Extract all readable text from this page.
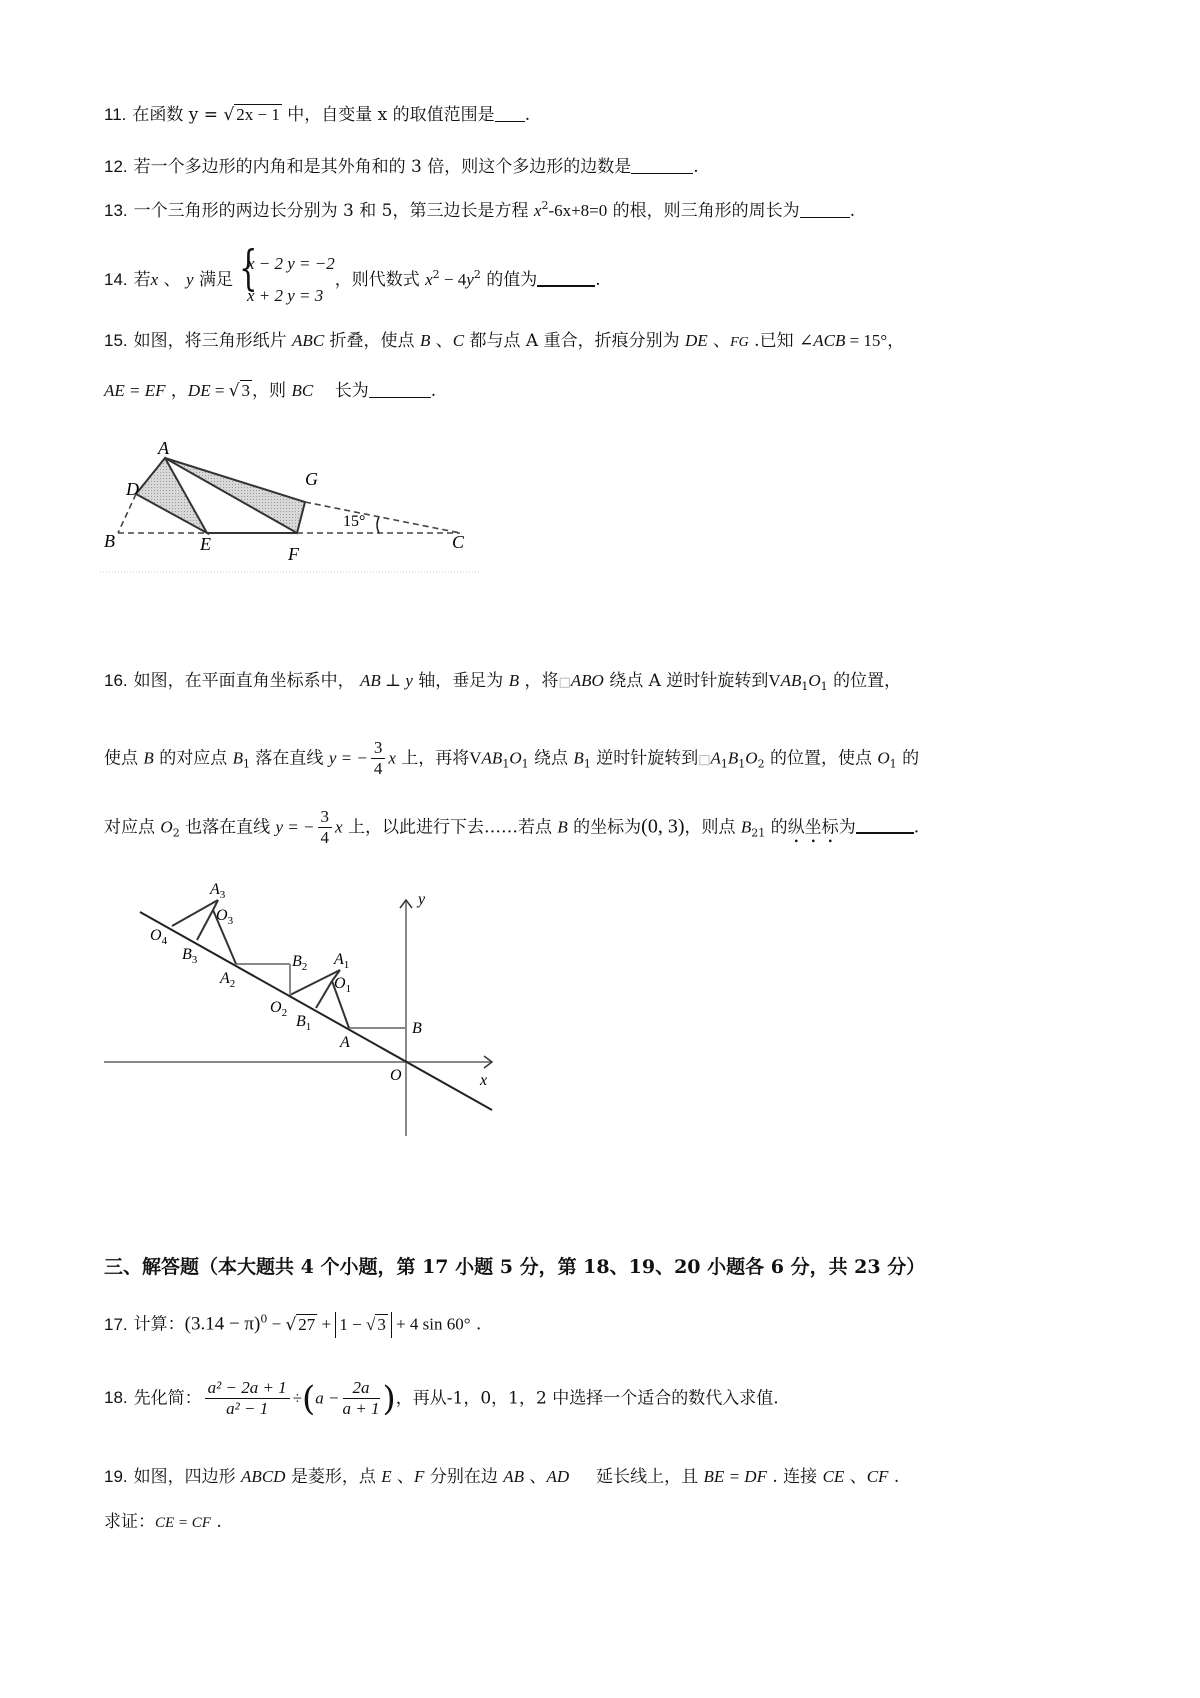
11. 在函数 y = √ 2x − 1 中，自变量 x 的取值范围是 .
12. 若一个多边形的内角和是其外角和的 3 倍，则这个多边形的边数是	.
13. 一个三角形的两边长分别为 3 和 5，第三边长是方程 $x^2-6x+8=0$ 的根，则三角形的周长为	.
14. 若x 、 y 满足 {
x − 2 y = −2
x + 2 y = 3
，则代数式 $x^2 - 4y^2$ 的值为	.
15. 如图，将三角形纸片 ABC 折叠，使点 B 、C 都与点 A 重合，折痕分别为 DE 、FG .已知 ∠ACB = 15°，
AE = EF ，DE = √ 3 ，则 BC    长为	.
A
D
B	E	F
G
C
15°
16. 如图，在平面直角坐标系中， AB ⊥ y 轴，垂足为 B ，将□ABO 绕点 A 逆时针旋转到$VAB_1O_1$ 的位置，
使点 B 的对应点 $B_1$ 落在直线 y = − $\frac{3}{4}$ x 上，再将$VAB_1O_1$ 绕点 $B_1$ 逆时针旋转到$□A_1B_1O_2$ 的位置，使点 $O_1$ 的
对应点 $O_2$ 也落在直线 y = − $\frac{3}{4}$ x 上，以此进行下去……若点 B 的坐标为(0, 3)，则点 $B_{21}$ 的纵坐标为	.
x
y
O
A
B
$A_1$
$O_1$
$B_1$
$O_2$
$B_2$
$A_2$
$B_3$
$O_3$
$A_3$
$O_4$
三、解答题（本大题共 4 个小题，第 17 小题 5 分，第 18、19、20 小题各 6 分，共 23 分）
17. 计算：$(3.14 - \pi)^0$ − √ 27 + 1 − √ 3 + 4 sin 60° .
18. 先化简： $\frac{\text{a² − 2a + 1}}{\text{a² − 1}} \div(a - \frac{2a}{a + 1}$ )，再从-1，0，1，2 中选择一个适合的数代入求值.
19. 如图，四边形 ABCD 是菱形，点 E 、F 分别在边 AB 、AD     延长线上，且 BE = DF . 连接 CE 、CF .
求证：CE = CF .
